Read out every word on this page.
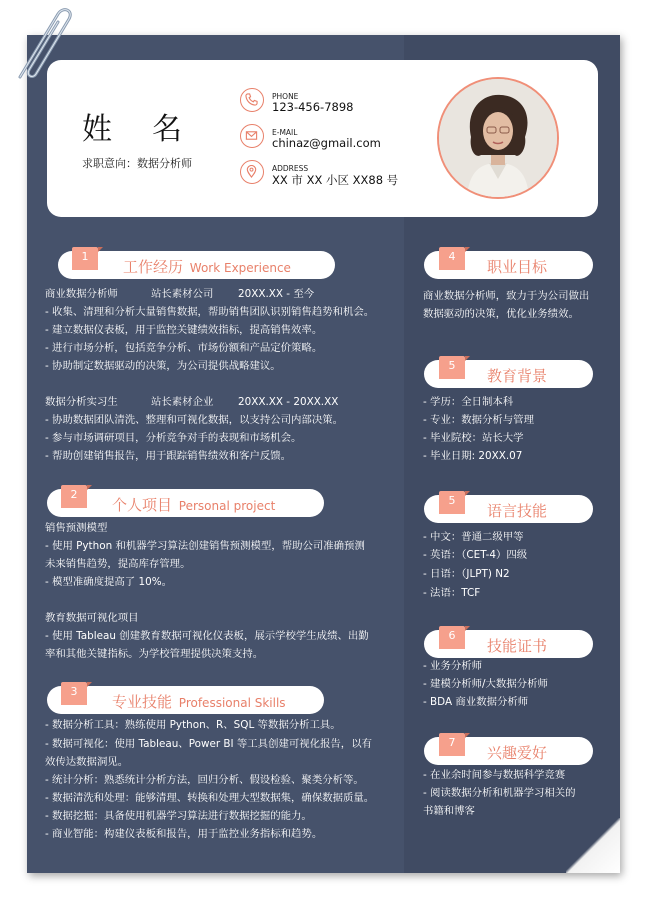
姓名
求职意向：数据分析师
PHONE
123-456-7898
E-MAIL
chinaz@gmail.com
ADDRESS
XX 市 XX 小区 XX88 号
1
工作经历 Work Experience
商业数据分析师	站长素材公司 20XX.XX - 至今
- 收集、清理和分析大量销售数据，帮助销售团队识别销售趋势和机会。
- 建立数据仪表板，用于监控关键绩效指标，提高销售效率。
- 进行市场分析，包括竞争分析、市场份额和产品定价策略。
- 协助制定数据驱动的决策，为公司提供战略建议。
数据分析实习生	站长素材企业 20XX.XX - 20XX.XX
- 协助数据团队清洗、整理和可视化数据，以支持公司内部决策。
- 参与市场调研项目，分析竞争对手的表现和市场机会。
- 帮助创建销售报告，用于跟踪销售绩效和客户反馈。
2
个人项目 Personal project
销售预测模型
- 使用 Python 和机器学习算法创建销售预测模型，帮助公司准确预测
未来销售趋势，提高库存管理。
- 模型准确度提高了 10%。
教育数据可视化项目
- 使用 Tableau 创建教育数据可视化仪表板，展示学校学生成绩、出勤
率和其他关键指标。为学校管理提供决策支持。
3
专业技能 Professional Skills
- 数据分析工具：熟练使用 Python、R、SQL 等数据分析工具。
- 数据可视化：使用 Tableau、Power BI 等工具创建可视化报告，以有
效传达数据洞见。
- 统计分析：熟悉统计分析方法，回归分析、假设检验、聚类分析等。
- 数据清洗和处理：能够清理、转换和处理大型数据集，确保数据质量。
- 数据挖掘：具备使用机器学习算法进行数据挖掘的能力。
- 商业智能：构建仪表板和报告，用于监控业务指标和趋势。
4
职业目标
商业数据分析师，致力于为公司做出
数据驱动的决策，优化业务绩效。
5
教育背景
- 学历：全日制本科
- 专业：数据分析与管理
- 毕业院校：站长大学
- 毕业日期: 20XX.07
5
语言技能
- 中文：普通二级甲等
- 英语：（CET-4）四级
- 日语：（JLPT) N2
- 法语：TCF
6
技能证书
- 业务分析师
- 建模分析师/大数据分析师
- BDA 商业数据分析师
7
兴趣爱好
- 在业余时间参与数据科学竞赛
- 阅读数据分析和机器学习相关的
书籍和博客
